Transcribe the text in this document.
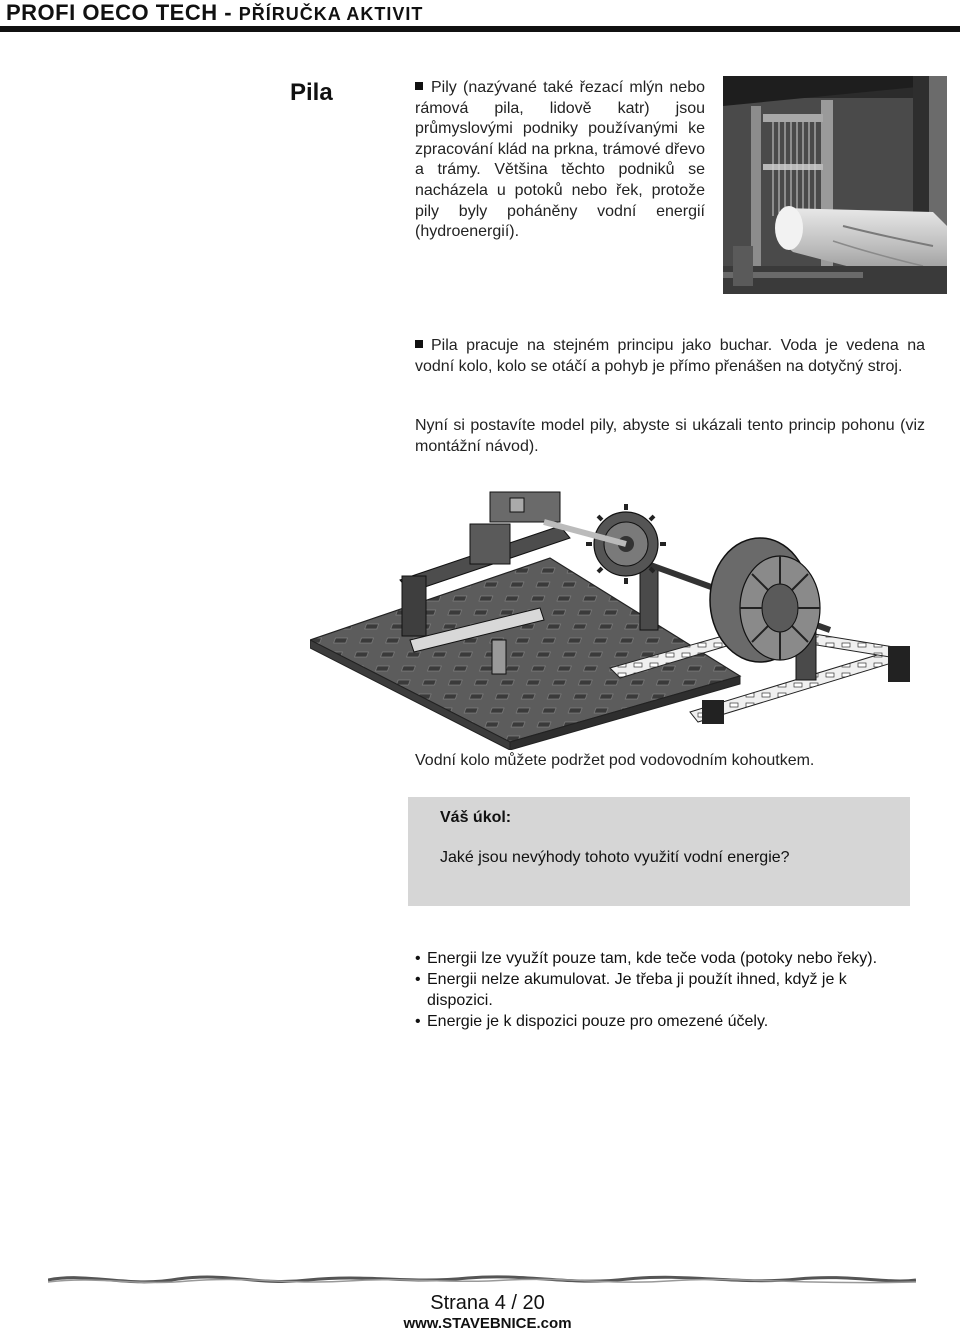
PROFI OECO TECH - PŘÍRUČKA AKTIVIT
Pila	Pily (nazývané také řezací mlýn nebo rámová pila, lidově katr) jsou průmyslovými podniky používanými ke zpracování klád na prkna, trámové dřevo a trámy. Většina těchto podniků se nacházela u potoků nebo řek, protože pily byly poháněny vodní energií (hydroenergií).
Pila pracuje na stejném principu jako buchar. Voda je vedena na vodní kolo, kolo se otáčí a pohyb je přímo přenášen na dotyčný stroj.
Nyní si postavíte model pily, abyste si ukázali tento princip pohonu (viz montážní návod).
Vodní kolo můžete podržet pod vodovodním kohoutkem.
Váš úkol:
Jaké jsou nevýhody tohoto využití vodní energie?
• Energii lze využít pouze tam, kde teče voda (potoky nebo řeky).
• Energii nelze akumulovat. Je třeba ji použít ihned, když je k dispozici.
• Energie je k dispozici pouze pro omezené účely.
Strana 4 / 20
www.STAVEBNICE.com
